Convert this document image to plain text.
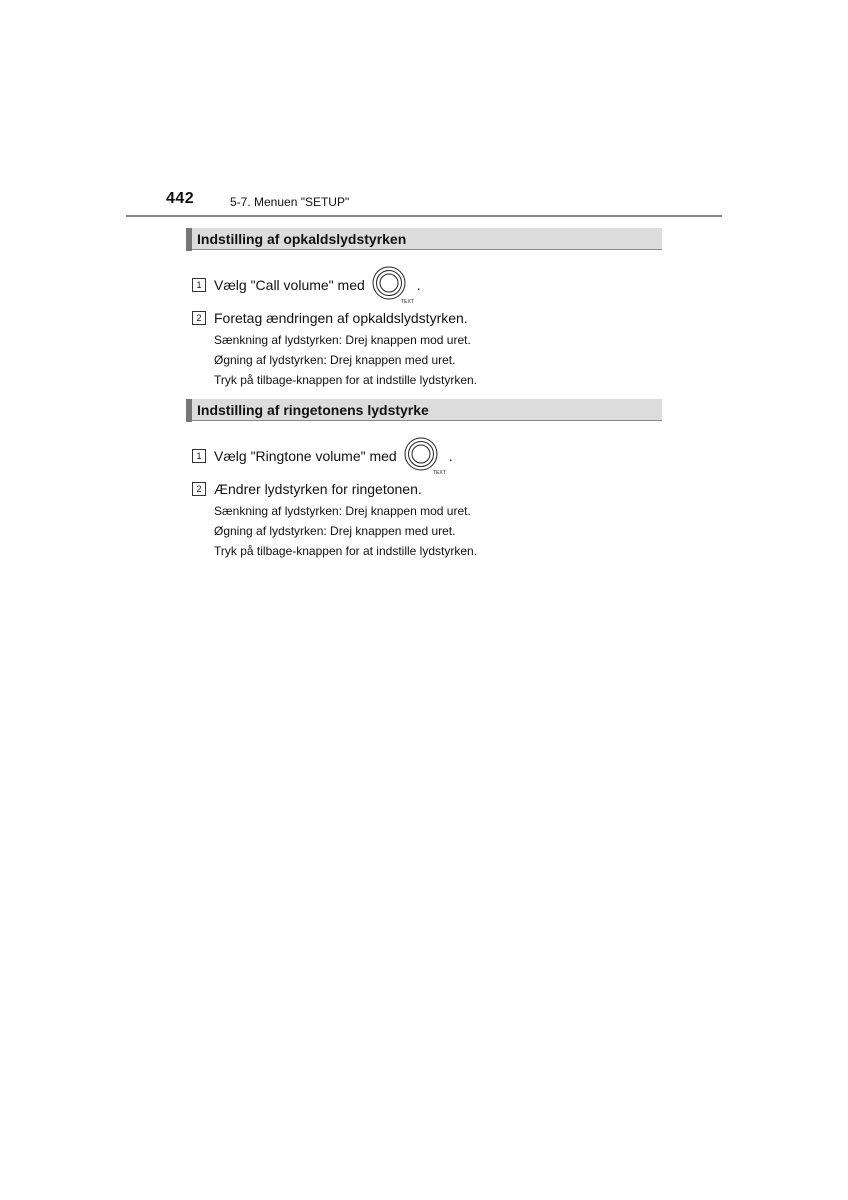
442	5-7. Menuen "SETUP"
Indstilling af opkaldslydstyrken
1 Vælg "Call volume" med
TEXT
.
2 Foretag ændringen af opkaldslydstyrken.
Sænkning af lydstyrken: Drej knappen mod uret.
Øgning af lydstyrken: Drej knappen med uret.
Tryk på tilbage-knappen for at indstille lydstyrken.
Indstilling af ringetonens lydstyrke
1 Vælg "Ringtone volume" med
TEXT
.
2 Ændrer lydstyrken for ringetonen.
Sænkning af lydstyrken: Drej knappen mod uret.
Øgning af lydstyrken: Drej knappen med uret.
Tryk på tilbage-knappen for at indstille lydstyrken.
